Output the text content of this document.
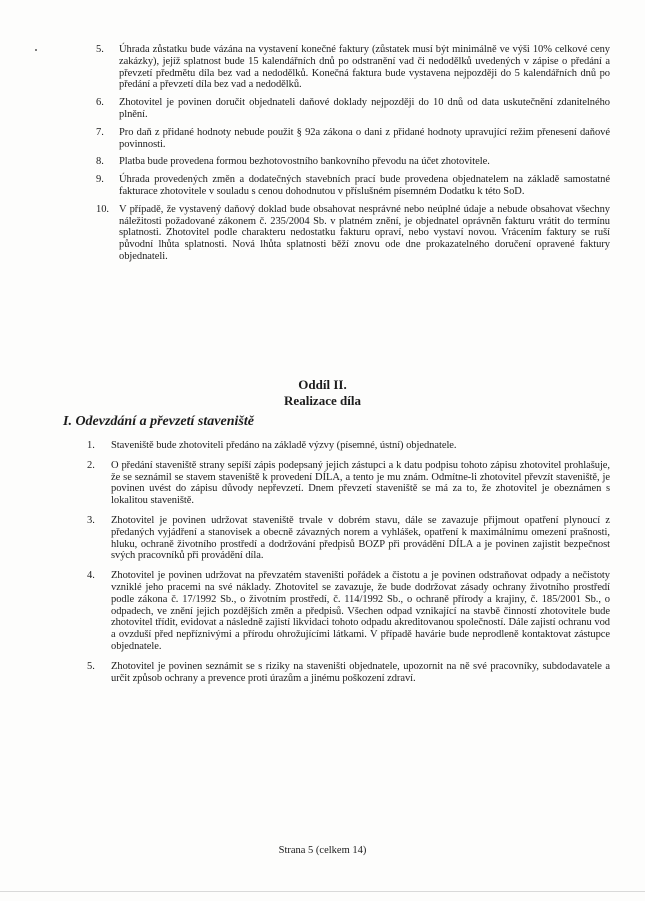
5. Úhrada zůstatku bude vázána na vystavení konečné faktury (zůstatek musí být minimálně ve výši 10% celkové ceny zakázky), jejíž splatnost bude 15 kalendářních dnů po odstranění vad či nedodělků uvedených v zápise o předání a převzetí předmětu díla bez vad a nedodělků. Konečná faktura bude vystavena nejpozději do 5 kalendářních dnů po předání a převzetí díla bez vad a nedodělků.
6. Zhotovitel je povinen doručit objednateli daňové doklady nejpozději do 10 dnů od data uskutečnění zdanitelného plnění.
7. Pro daň z přidané hodnoty nebude použit § 92a zákona o dani z přidané hodnoty upravující režim přenesení daňové povinnosti.
8. Platba bude provedena formou bezhotovostního bankovního převodu na účet zhotovitele.
9. Úhrada provedených změn a dodatečných stavebních prací bude provedena objednatelem na základě samostatné fakturace zhotovitele v souladu s cenou dohodnutou v příslušném písemném Dodatku k této SoD.
10. V případě, že vystavený daňový doklad bude obsahovat nesprávné nebo neúplné údaje a nebude obsahovat všechny náležitosti požadované zákonem č. 235/2004 Sb. v platném znění, je objednatel oprávněn fakturu vrátit do termínu splatnosti. Zhotovitel podle charakteru nedostatku fakturu opraví, nebo vystaví novou. Vrácením faktury se ruší původní lhůta splatnosti. Nová lhůta splatnosti běží znovu ode dne prokazatelného doručení opravené faktury objednateli.
Oddíl II.
Realizace díla
I. Odevzdání a převzetí staveniště
1. Staveniště bude zhotoviteli předáno na základě výzvy (písemné, ústní) objednatele.
2. O předání staveniště strany sepíší zápis podepsaný jejich zástupci a k datu podpisu tohoto zápisu zhotovitel prohlašuje, že se seznámil se stavem staveniště k provedení DÍLA, a tento je mu znám. Odmítne-li zhotovitel převzít staveniště, je povinen uvést do zápisu důvody nepřevzetí. Dnem převzetí staveniště se má za to, že zhotovitel je obeznámen s lokalitou staveniště.
3. Zhotovitel je povinen udržovat staveniště trvale v dobrém stavu, dále se zavazuje přijmout opatření plynoucí z předaných vyjádření a stanovisek a obecně závazných norem a vyhlášek, opatření k maximálnímu omezení prašnosti, hluku, ochraně životního prostředí a dodržování předpisů BOZP při provádění DÍLA a je povinen zajistit bezpečnost svých pracovníků při provádění díla.
4. Zhotovitel je povinen udržovat na převzatém staveništi pořádek a čistotu a je povinen odstraňovat odpady a nečistoty vzniklé jeho pracemi na své náklady. Zhotovitel se zavazuje, že bude dodržovat zásady ochrany životního prostředí podle zákona č. 17/1992 Sb., o životním prostředí, č. 114/1992 Sb., o ochraně přírody a krajiny, č. 185/2001 Sb., o odpadech, ve znění jejich pozdějších změn a předpisů. Všechen odpad vznikající na stavbě činností zhotovitele bude zhotovitel třídit, evidovat a následně zajistí likvidaci tohoto odpadu akreditovanou společností. Dále zajistí ochranu vod a ovzduší před nepříznivými a přírodu ohrožujícími látkami. V případě havárie bude neprodleně kontaktovat zástupce objednatele.
5. Zhotovitel je povinen seznámit se s riziky na staveništi objednatele, upozornit na ně své pracovníky, subdodavatele a určit způsob ochrany a prevence proti úrazům a jinému poškození zdraví.
Strana 5 (celkem 14)
